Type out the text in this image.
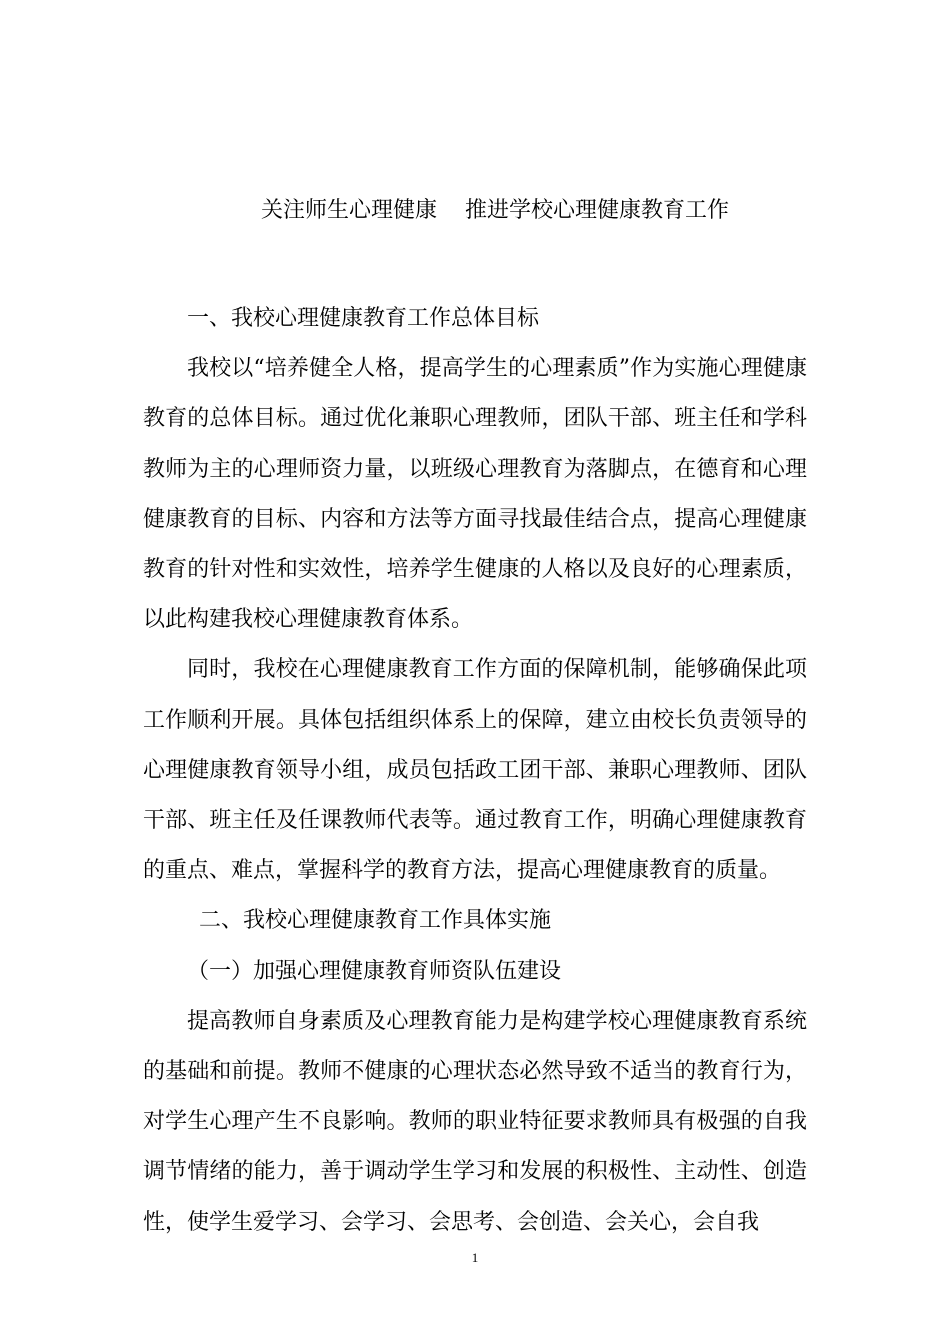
关注师生心理健康    推进学校心理健康教育工作

一、我校心理健康教育工作总体目标

我校以“培养健全人格，提高学生的心理素质”作为实施心理健康教育的总体目标。通过优化兼职心理教师，团队干部、班主任和学科教师为主的心理师资力量，以班级心理教育为落脚点，在德育和心理健康教育的目标、内容和方法等方面寻找最佳结合点，提高心理健康教育的针对性和实效性，培养学生健康的人格以及良好的心理素质，以此构建我校心理健康教育体系。

同时，我校在心理健康教育工作方面的保障机制，能够确保此项工作顺利开展。具体包括组织体系上的保障，建立由校长负责领导的心理健康教育领导小组，成员包括政工团干部、兼职心理教师、团队干部、班主任及任课教师代表等。通过教育工作，明确心理健康教育的重点、难点，掌握科学的教育方法，提高心理健康教育的质量。

二、我校心理健康教育工作具体实施

（一）加强心理健康教育师资队伍建设

提高教师自身素质及心理教育能力是构建学校心理健康教育系统的基础和前提。教师不健康的心理状态必然导致不适当的教育行为，对学生心理产生不良影响。教师的职业特征要求教师具有极强的自我调节情绪的能力，善于调动学生学习和发展的积极性、主动性、创造性，使学生爱学习、会学习、会思考、会创造、会关心，会自我

1
